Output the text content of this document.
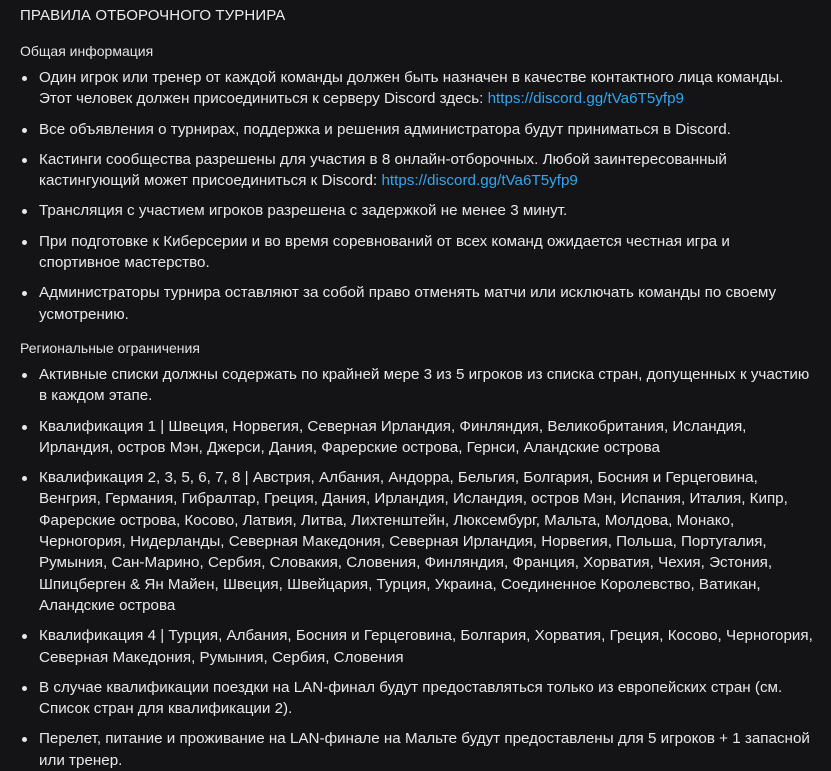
ПРАВИЛА ОТБОРОЧНОГО ТУРНИРА
Общая информация
Один игрок или тренер от каждой команды должен быть назначен в качестве контактного лица команды. Этот человек должен присоединиться к серверу Discord здесь: https://discord.gg/tVa6T5yfp9
Все объявления о турнирах, поддержка и решения администратора будут приниматься в Discord.
Кастинги сообщества разрешены для участия в 8 онлайн-отборочных. Любой заинтересованный кастингующий может присоединиться к Discord: https://discord.gg/tVa6T5yfp9
Трансляция с участием игроков разрешена с задержкой не менее 3 минут.
При подготовке к Киберсерии и во время соревнований от всех команд ожидается честная игра и спортивное мастерство.
Администраторы турнира оставляют за собой право отменять матчи или исключать команды по своему усмотрению.
Региональные ограничения
Активные списки должны содержать по крайней мере 3 из 5 игроков из списка стран, допущенных к участию в каждом этапе.
Квалификация 1 | Швеция, Норвегия, Северная Ирландия, Финляндия, Великобритания, Исландия, Ирландия, остров Мэн, Джерси, Дания, Фарерские острова, Гернси, Аландские острова
Квалификация 2, 3, 5, 6, 7, 8 | Австрия, Албания, Андорра, Бельгия, Болгария, Босния и Герцеговина, Венгрия, Германия, Гибралтар, Греция, Дания, Ирландия, Исландия, остров Мэн, Испания, Италия, Кипр, Фарерские острова, Косово, Латвия, Литва, Лихтенштейн, Люксембург, Мальта, Молдова, Монако, Черногория, Нидерланды, Северная Македония, Северная Ирландия, Норвегия, Польша, Португалия, Румыния, Сан-Марино, Сербия, Словакия, Словения, Финляндия, Франция, Хорватия, Чехия, Эстония, Шпицберген & Ян Майен, Швеция, Швейцария, Турция, Украина, Соединенное Королевство, Ватикан, Аландские острова
Квалификация 4 | Турция, Албания, Босния и Герцеговина, Болгария, Хорватия, Греция, Косово, Черногория, Северная Македония, Румыния, Сербия, Словения
В случае квалификации поездки на LAN-финал будут предоставляться только из европейских стран (см. Список стран для квалификации 2).
Перелет, питание и проживание на LAN-финале на Мальте будут предоставлены для 5 игроков + 1 запасной или тренер.
